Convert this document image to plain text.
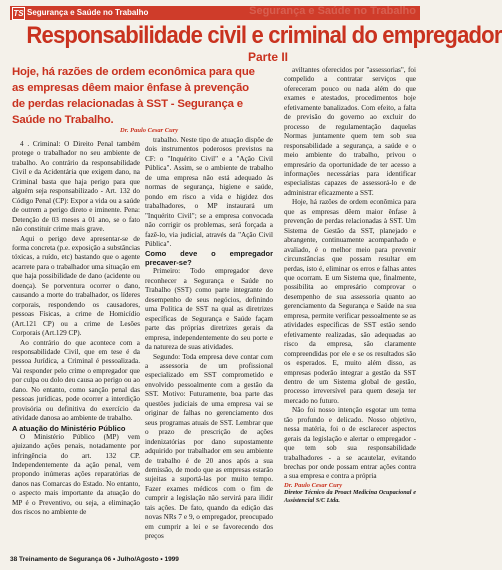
TS Segurança e Saúde no Trabalho	Segurança e Saúde no Trabalho
Responsabilidade civil e criminal do empregador
Parte II
Hoje, há razões de ordem econômica para que as empresas dêem maior ênfase à prevenção de perdas relacionadas à SST - Segurança e Saúde no Trabalho.
Dr. Paulo Cesar Cury

4 . Criminal: O Direito Penal também protege o trabalhador no seu ambiente de trabalho. Ao contrário da responsabilidade Civil e da Acidentária que exigem dano, na Criminal basta que haja perigo para que alguém seja responsabilizado - Art. 132 do Código Penal (CP): Expor a vida ou a saúde de outrem a perigo direto e iminente. Pena: Detenção de 03 meses a 01 ano, se o fato não constituir crime mais grave.

Aqui o perigo deve apresentar-se de forma concreta (p.e. exposição a substâncias tóxicas, a ruído, etc) bastando que o agente acarrete para o trabalhador uma situação em que haja possibilidade de dano (acidente ou doença). Se porventura ocorrer o dano, causando a morte do trabalhador, os líderes corporais, respondendo os causadores, pessoas Físicas, a crime de Homicídio (Art.121 CP) ou a crime de Lesões Corporais (Art.129 CP).

Ao contrário do que acontece com a responsabilidade Civil, que em tese é da pessoa Jurídica, a Criminal é pessoalizada. Vai responder pelo crime o empregador que por culpa ou dolo deu causa ao perigo ou ao dano. No entanto, como sanção penal das pessoas jurídicas, pode ocorrer a interdição provisória ou definitiva do exercício da atividade danosa ao ambiente de trabalho.

A atuação do Ministério Público

O Ministério Público (MP) vem ajuizando ações penais, notadamente por infringência do art. 132 CP. Independentemente da ação penal, vem propondo inúmeras ações reparatórias de danos nas Comarcas do Estado. No entanto, o aspecto mais importante da atuação do MP é o Preventivo, ou seja, a eliminação dos riscos no ambiente de

trabalho. Neste tipo de atuação dispõe de dois instrumentos poderosos previstos na CF: o "Inquérito Civil" e a "Ação Civil Pública". Assim, se o ambiente de trabalho de uma empresa não está adequado às normas de segurança, higiene e saúde, pondo em risco a vida e higidez dos trabalhadores, o MP instaurará um "Inquérito Civil"; se a empresa convocada não corrigir os problemas, será forçada a fazê-lo, via judicial, através da "Ação Civil Pública".

Como deve o empregador precaver-se?

Primeiro: Todo empregador deve reconhecer a Segurança e Saúde no Trabalho (SST) como parte integrante do desempenho de seus negócios, definindo uma Política de SST na qual as diretrizes específicas de Segurança e Saúde façam parte das próprias diretrizes gerais da empresa, independentemente do seu porte e da natureza de suas atividades.

Segundo: Toda empresa deve contar com a assessoria de um profissional especializado em SST comprometido e envolvido pessoalmente com a gestão da SST. Motivo: Futuramente, boa parte das questões judiciais de uma empresa vai se originar de falhas no gerenciamento dos seus programas atuais de SST. Lembrar que o prazo de prescrição de ações indenizatórias por dano supostamente adquirido por trabalhador em seu ambiente de trabalho é de 20 anos após a sua demissão, de modo que as empresas estarão sujeitas a suportá-las por muito tempo. Fazer exames médicos com o fim de cumprir a legislação não servirá para ilidir tais ações. De fato, quando da edição das novas NRs 7 e 9, o empregador, preocupado em cumprir a lei e se favorecendo dos preços

aviltantes oferecidos por "assessorias", foi compelido a contratar serviços que ofereceram pouco ou nada além do que exames e atestados, procedimentos hoje efetivamente banalizados. Com efeito, a falta de previsão do governo ao excluir do processo de regulamentação daquelas Normas juntamente quem tem sob sua responsabilidade a segurança, a saúde e o meio ambiente do trabalho, privou o empresário da oportunidade de ter acesso a informações necessárias para identificar especialistas capazes de assessorá-lo e de administrar eficazmente a SST.

Hoje, há razões de ordem econômica para que as empresas dêem maior ênfase à prevenção de perdas relacionadas à SST. Um Sistema de Gestão da SST, planejado e abrangente, continuamente acompanhado e avaliado, é o melhor meio para prevenir circunstâncias que possam resultar em perdas, isto é, eliminar os erros e falhas antes que ocorram. E um Sistema que, finalmente, possibilita ao empresário comprovar o desempenho de sua assessoria quanto ao gerenciamento da Segurança e Saúde na sua empresa, permite verificar pessoalmente se as atividades específicas de SST estão sendo efetivamente realizadas, são adequadas ao risco da empresa, são claramente compreendidas por ele e se os resultados são os esperados. E, muito além disso, as empresas poderão integrar a gestão da SST dentro de um Sistema global de gestão, processo irreversível para quem deseja ter mercado no futuro.

Não foi nosso intenção esgotar um tema tão profundo e delicado. Nosso objetivo, nessa matéria, foi o de esclarecer aspectos gerais da legislação e alertar o empregador - que tem sob sua responsabilidade trabalhadores - a se acautelar, evitando brechas por onde possam entrar ações contra a sua empresa e contra a própria

Dr. Paulo Cesar Cury

Diretor Técnico da Proact Medicina Ocupacional e Assistencial S/C Ltda.

38 Treinamento de Segurança 06 • Julho/Agosto • 1999
